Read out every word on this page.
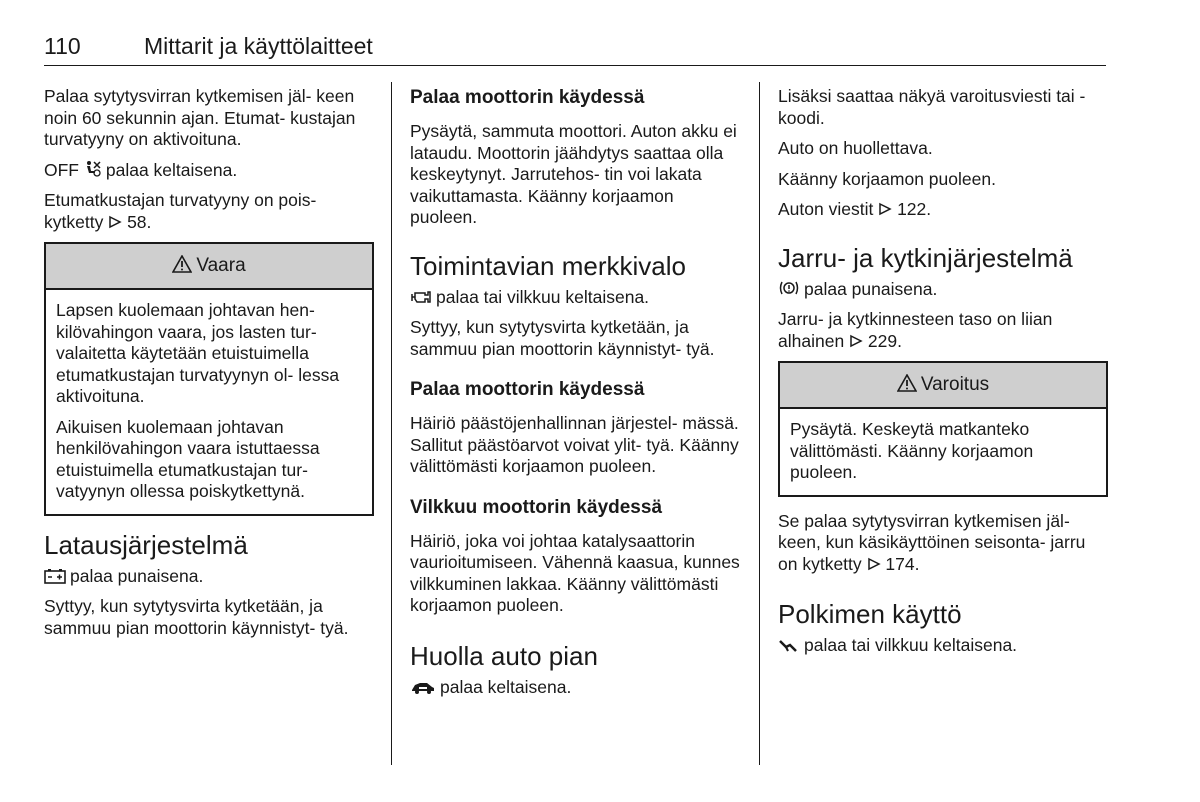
110	Mittarit ja käyttölaitteet

Palaa sytytysvirran kytkemisen jäl- keen noin 60 sekunnin ajan. Etumat- kustajan turvatyyny on aktivoituna.

OFF palaa keltaisena.

Etumatkustajan turvatyyny on pois- kytketty 58.

Vaara

Lapsen kuolemaan johtavan hen- kilövahingon vaara, jos lasten tur- valaitetta käytetään etuistuimella etumatkustajan turvatyynyn ol- lessa aktivoituna.

Aikuisen kuolemaan johtavan henkilövahingon vaara istuttaessa etuistuimella etumatkustajan tur- vatyynyn ollessa poiskytkettynä.

Latausjärjestelmä

palaa punaisena.

Syttyy, kun sytytysvirta kytketään, ja sammuu pian moottorin käynnistyt- tyä.

Palaa moottorin käydessä

Pysäytä, sammuta moottori. Auton akku ei lataudu. Moottorin jäähdytys saattaa olla keskeytynyt. Jarrutehos- tin voi lakata vaikuttamasta. Käänny korjaamon puoleen.

Toimintavian merkkivalo

palaa tai vilkkuu keltaisena.

Syttyy, kun sytytysvirta kytketään, ja sammuu pian moottorin käynnistyt- tyä.

Palaa moottorin käydessä

Häiriö päästöjenhallinnan järjestel- mässä. Sallitut päästöarvot voivat ylit- tyä. Käänny välittömästi korjaamon puoleen.

Vilkkuu moottorin käydessä

Häiriö, joka voi johtaa katalysaattorin vaurioitumiseen. Vähennä kaasua, kunnes vilkkuminen lakkaa. Käänny välittömästi korjaamon puoleen.

Huolla auto pian

palaa keltaisena.

Lisäksi saattaa näkyä varoitusviesti tai -koodi.

Auto on huollettava.

Käänny korjaamon puoleen.

Auton viestit 122.

Jarru- ja kytkinjärjestelmä

palaa punaisena.

Jarru- ja kytkinnesteen taso on liian alhainen 229.

Varoitus

Pysäytä. Keskeytä matkanteko välittömästi. Käänny korjaamon puoleen.

Se palaa sytytysvirran kytkemisen jäl- keen, kun käsikäyttöinen seisonta- jarru on kytketty 174.

Polkimen käyttö

palaa tai vilkkuu keltaisena.
